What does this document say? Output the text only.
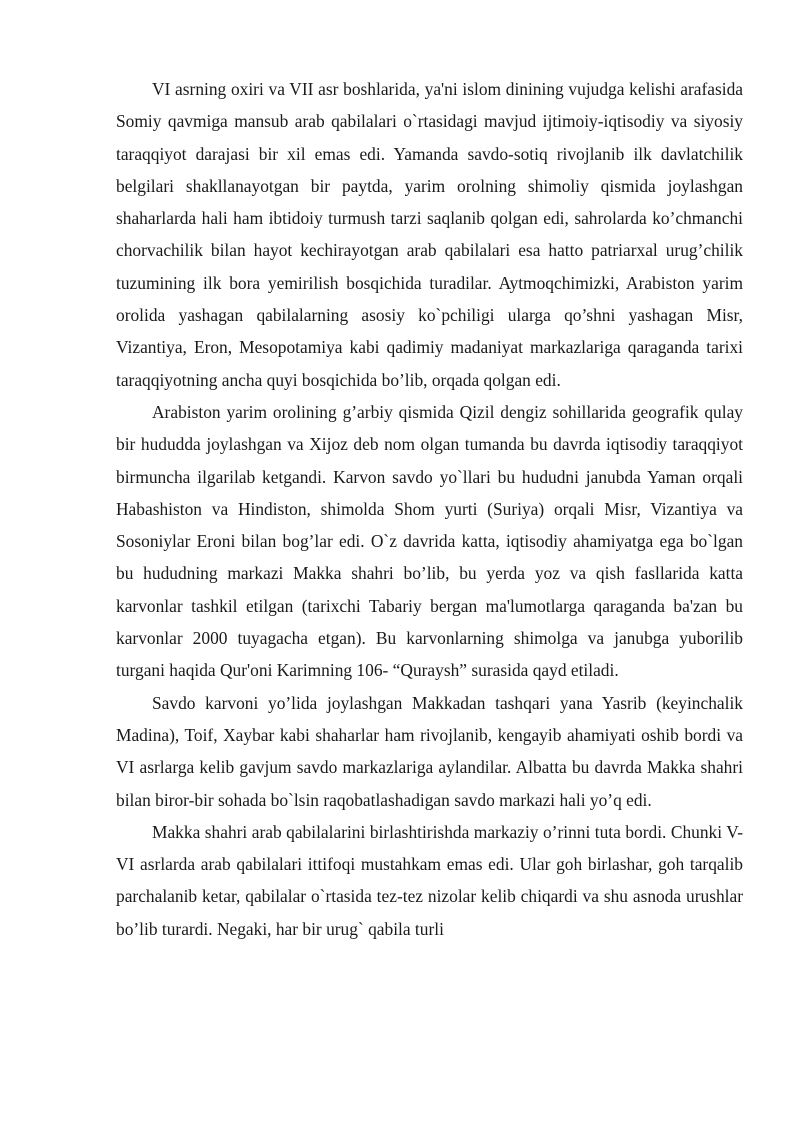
VI asrning oxiri va VII asr boshlarida, ya'ni islom dinining vujudga kelishi arafasida Somiy qavmiga mansub arab qabilalari o`rtasidagi mavjud ijtimoiy-iqtisodiy va siyosiy taraqqiyot darajasi bir xil emas edi. Yamanda savdo-sotiq rivojlanib ilk davlatchilik belgilari shakllanayotgan bir paytda, yarim orolning shimoliy qismida joylashgan shaharlarda hali ham ibtidoiy turmush tarzi saqlanib qolgan edi, sahrolarda ko’chmanchi chorvachilik bilan hayot kechirayotgan arab qabilalari esa hatto patriarxal urug’chilik tuzumining ilk bora yemirilish bosqichida turadilar. Aytmoqchimizki, Arabiston yarim orolida yashagan qabilalarning asosiy ko`pchiligi ularga qo’shni yashagan Misr, Vizantiya, Eron, Mesopotamiya kabi qadimiy madaniyat markazlariga qaraganda tarixi taraqqiyotning ancha quyi bosqichida bo’lib, orqada qolgan edi.

Arabiston yarim orolining g’arbiy qismida Qizil dengiz sohillarida geografik qulay bir hududda joylashgan va Xijoz deb nom olgan tumanda bu davrda iqtisodiy taraqqiyot birmuncha ilgarilab ketgandi. Karvon savdo yo`llari bu hududni janubda Yaman orqali Habashiston va Hindiston, shimolda Shom yurti (Suriya) orqali Misr, Vizantiya va Sosoniylar Eroni bilan bog’lar edi. O`z davrida katta, iqtisodiy ahamiyatga ega bo`lgan bu hududning markazi Makka shahri bo’lib, bu yerda yoz va qish fasllarida katta karvonlar tashkil etilgan (tarixchi Tabariy bergan ma'lumotlarga qaraganda ba'zan bu karvonlar 2000 tuyagacha etgan). Bu karvonlarning shimolga va janubga yuborilib turgani haqida Qur'oni Karimning 106- “Quraysh” surasida qayd etiladi.

Savdo karvoni yo’lida joylashgan Makkadan tashqari yana Yasrib (keyinchalik Madina), Toif, Xaybar kabi shaharlar ham rivojlanib, kengayib ahamiyati oshib bordi va VI asrlarga kelib gavjum savdo markazlariga aylandilar. Albatta bu davrda Makka shahri bilan biror-bir sohada bo`lsin raqobatlashadigan savdo markazi hali yo’q edi.

Makka shahri arab qabilalarini birlashtirishda markaziy o’rinni tuta bordi. Chunki V-VI asrlarda arab qabilalari ittifoqi mustahkam emas edi. Ular goh birlashar, goh tarqalib parchalanib ketar, qabilalar o`rtasida tez-tez nizolar kelib chiqardi va shu asnoda urushlar bo’lib turardi. Negaki, har bir urug` qabila turli
